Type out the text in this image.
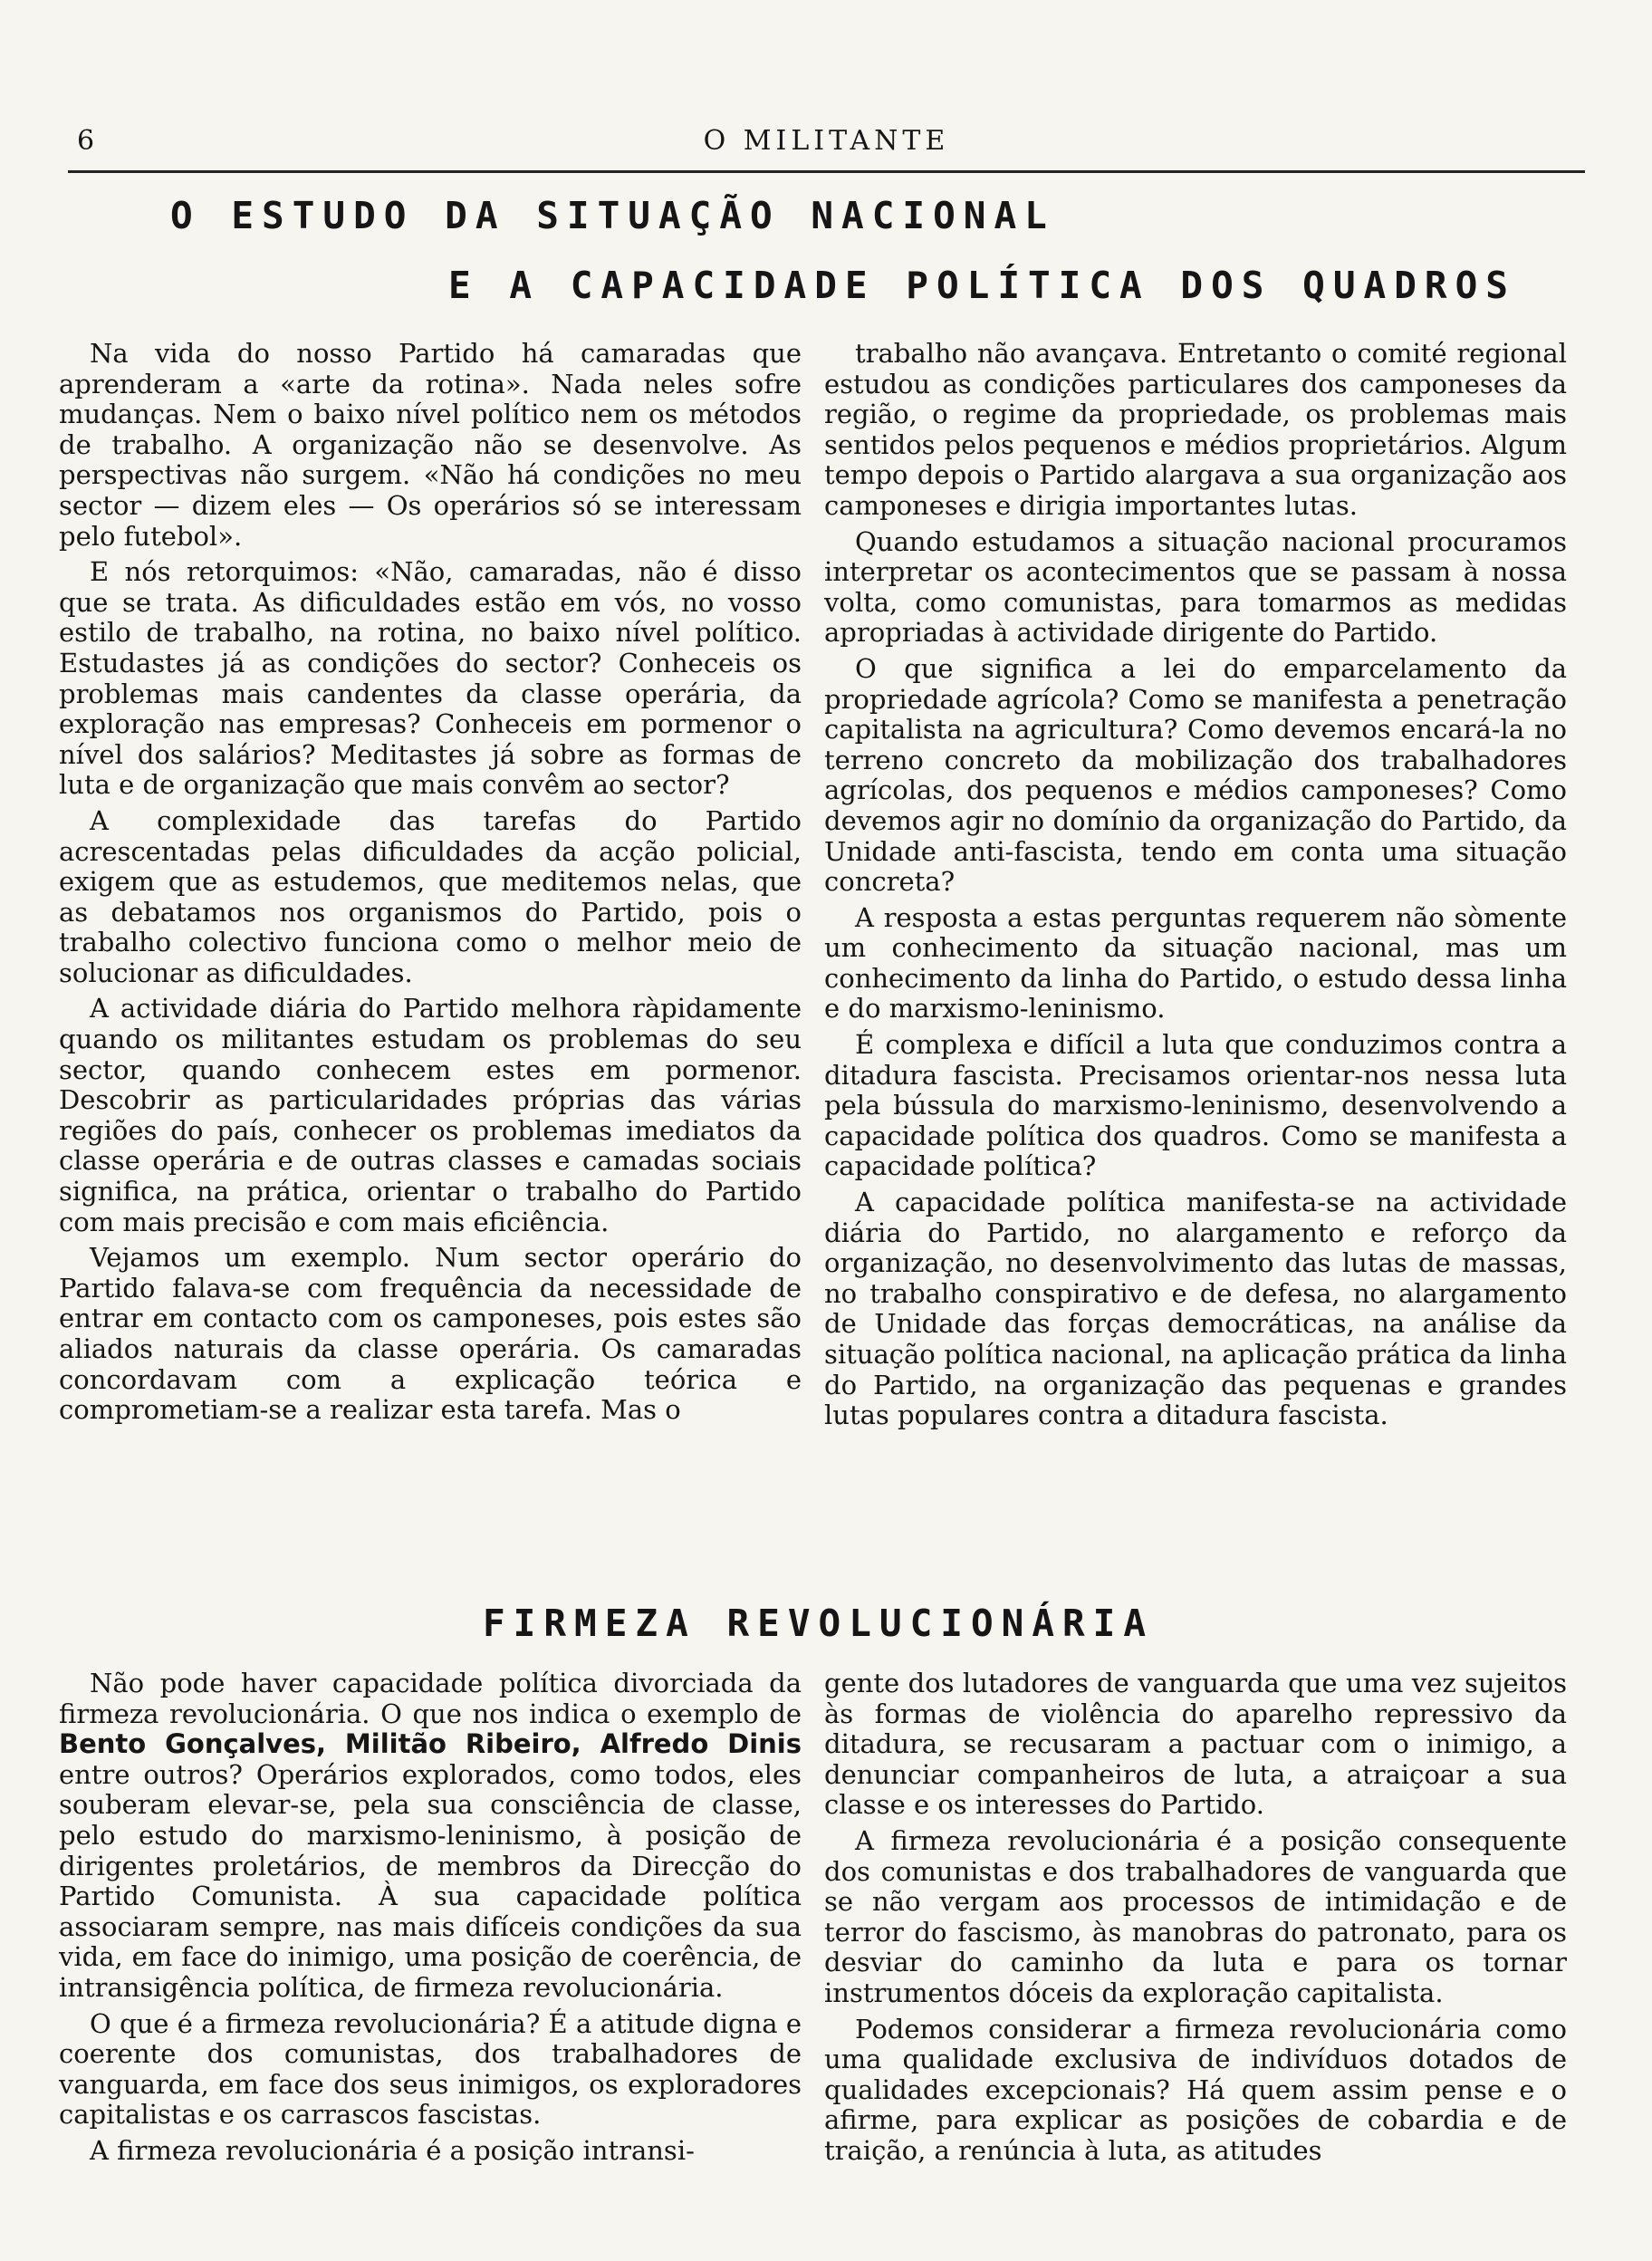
6	O MILITANTE
O ESTUDO DA SITUAÇÃO NACIONAL
E A CAPACIDADE POLÍTICA DOS QUADROS

Na vida do nosso Partido há camaradas que aprenderam a «arte da rotina». Nada neles sofre mudanças. Nem o baixo nível político nem os métodos de trabalho. A organização não se desenvolve. As perspectivas não surgem. «Não há condições no meu sector — dizem eles — Os operários só se interessam pelo futebol».

E nós retorquimos: «Não, camaradas, não é disso que se trata. As dificuldades estão em vós, no vosso estilo de trabalho, na rotina, no baixo nível político. Estudastes já as condições do sector? Conheceis os problemas mais candentes da classe operária, da exploração nas empresas? Conheceis em pormenor o nível dos salários? Meditastes já sobre as formas de luta e de organização que mais convêm ao sector?

A complexidade das tarefas do Partido acrescentadas pelas dificuldades da acção policial, exigem que as estudemos, que meditemos nelas, que as debatamos nos organismos do Partido, pois o trabalho colectivo funciona como o melhor meio de solucionar as dificuldades.

A actividade diária do Partido melhora ràpidamente quando os militantes estudam os problemas do seu sector, quando conhecem estes em pormenor. Descobrir as particularidades próprias das várias regiões do país, conhecer os problemas imediatos da classe operária e de outras classes e camadas sociais significa, na prática, orientar o trabalho do Partido com mais precisão e com mais eficiência.

Vejamos um exemplo. Num sector operário do Partido falava-se com frequência da necessidade de entrar em contacto com os camponeses, pois estes são aliados naturais da classe operária. Os camaradas concordavam com a explicação teórica e comprometiam-se a realizar esta tarefa. Mas o

trabalho não avançava. Entretanto o comité regional estudou as condições particulares dos camponeses da região, o regime da propriedade, os problemas mais sentidos pelos pequenos e médios proprietários. Algum tempo depois o Partido alargava a sua organização aos camponeses e dirigia importantes lutas.

Quando estudamos a situação nacional procuramos interpretar os acontecimentos que se passam à nossa volta, como comunistas, para tomarmos as medidas apropriadas à actividade dirigente do Partido.

O que significa a lei do emparcelamento da propriedade agrícola? Como se manifesta a penetração capitalista na agricultura? Como devemos encará-la no terreno concreto da mobilização dos trabalhadores agrícolas, dos pequenos e médios camponeses? Como devemos agir no domínio da organização do Partido, da Unidade anti-fascista, tendo em conta uma situação concreta?

A resposta a estas perguntas requerem não sòmente um conhecimento da situação nacional, mas um conhecimento da linha do Partido, o estudo dessa linha e do marxismo-leninismo.

É complexa e difícil a luta que conduzimos contra a ditadura fascista. Precisamos orientar-nos nessa luta pela bússula do marxismo-leninismo, desenvolvendo a capacidade política dos quadros. Como se manifesta a capacidade política?

A capacidade política manifesta-se na actividade diária do Partido, no alargamento e reforço da organização, no desenvolvimento das lutas de massas, no trabalho conspirativo e de defesa, no alargamento de Unidade das forças democráticas, na análise da situação política nacional, na aplicação prática da linha do Partido, na organização das pequenas e grandes lutas populares contra a ditadura fascista.

FIRMEZA REVOLUCIONÁRIA

Não pode haver capacidade política divorciada da firmeza revolucionária. O que nos indica o exemplo de Bento Gonçalves, Militão Ribeiro, Alfredo Dinis entre outros? Operários explorados, como todos, eles souberam elevar-se, pela sua consciência de classe, pelo estudo do marxismo-leninismo, à posição de dirigentes proletários, de membros da Direcção do Partido Comunista. À sua capacidade política associaram sempre, nas mais difíceis condições da sua vida, em face do inimigo, uma posição de coerência, de intransigência política, de firmeza revolucionária.

O que é a firmeza revolucionária? É a atitude digna e coerente dos comunistas, dos trabalhadores de vanguarda, em face dos seus inimigos, os exploradores capitalistas e os carrascos fascistas.

A firmeza revolucionária é a posição intransi-

gente dos lutadores de vanguarda que uma vez sujeitos às formas de violência do aparelho repressivo da ditadura, se recusaram a pactuar com o inimigo, a denunciar companheiros de luta, a atraiçoar a sua classe e os interesses do Partido.

A firmeza revolucionária é a posição consequente dos comunistas e dos trabalhadores de vanguarda que se não vergam aos processos de intimidação e de terror do fascismo, às manobras do patronato, para os desviar do caminho da luta e para os tornar instrumentos dóceis da exploração capitalista.

Podemos considerar a firmeza revolucionária como uma qualidade exclusiva de indivíduos dotados de qualidades excepcionais? Há quem assim pense e o afirme, para explicar as posições de cobardia e de traição, a renúncia à luta, as atitudes
